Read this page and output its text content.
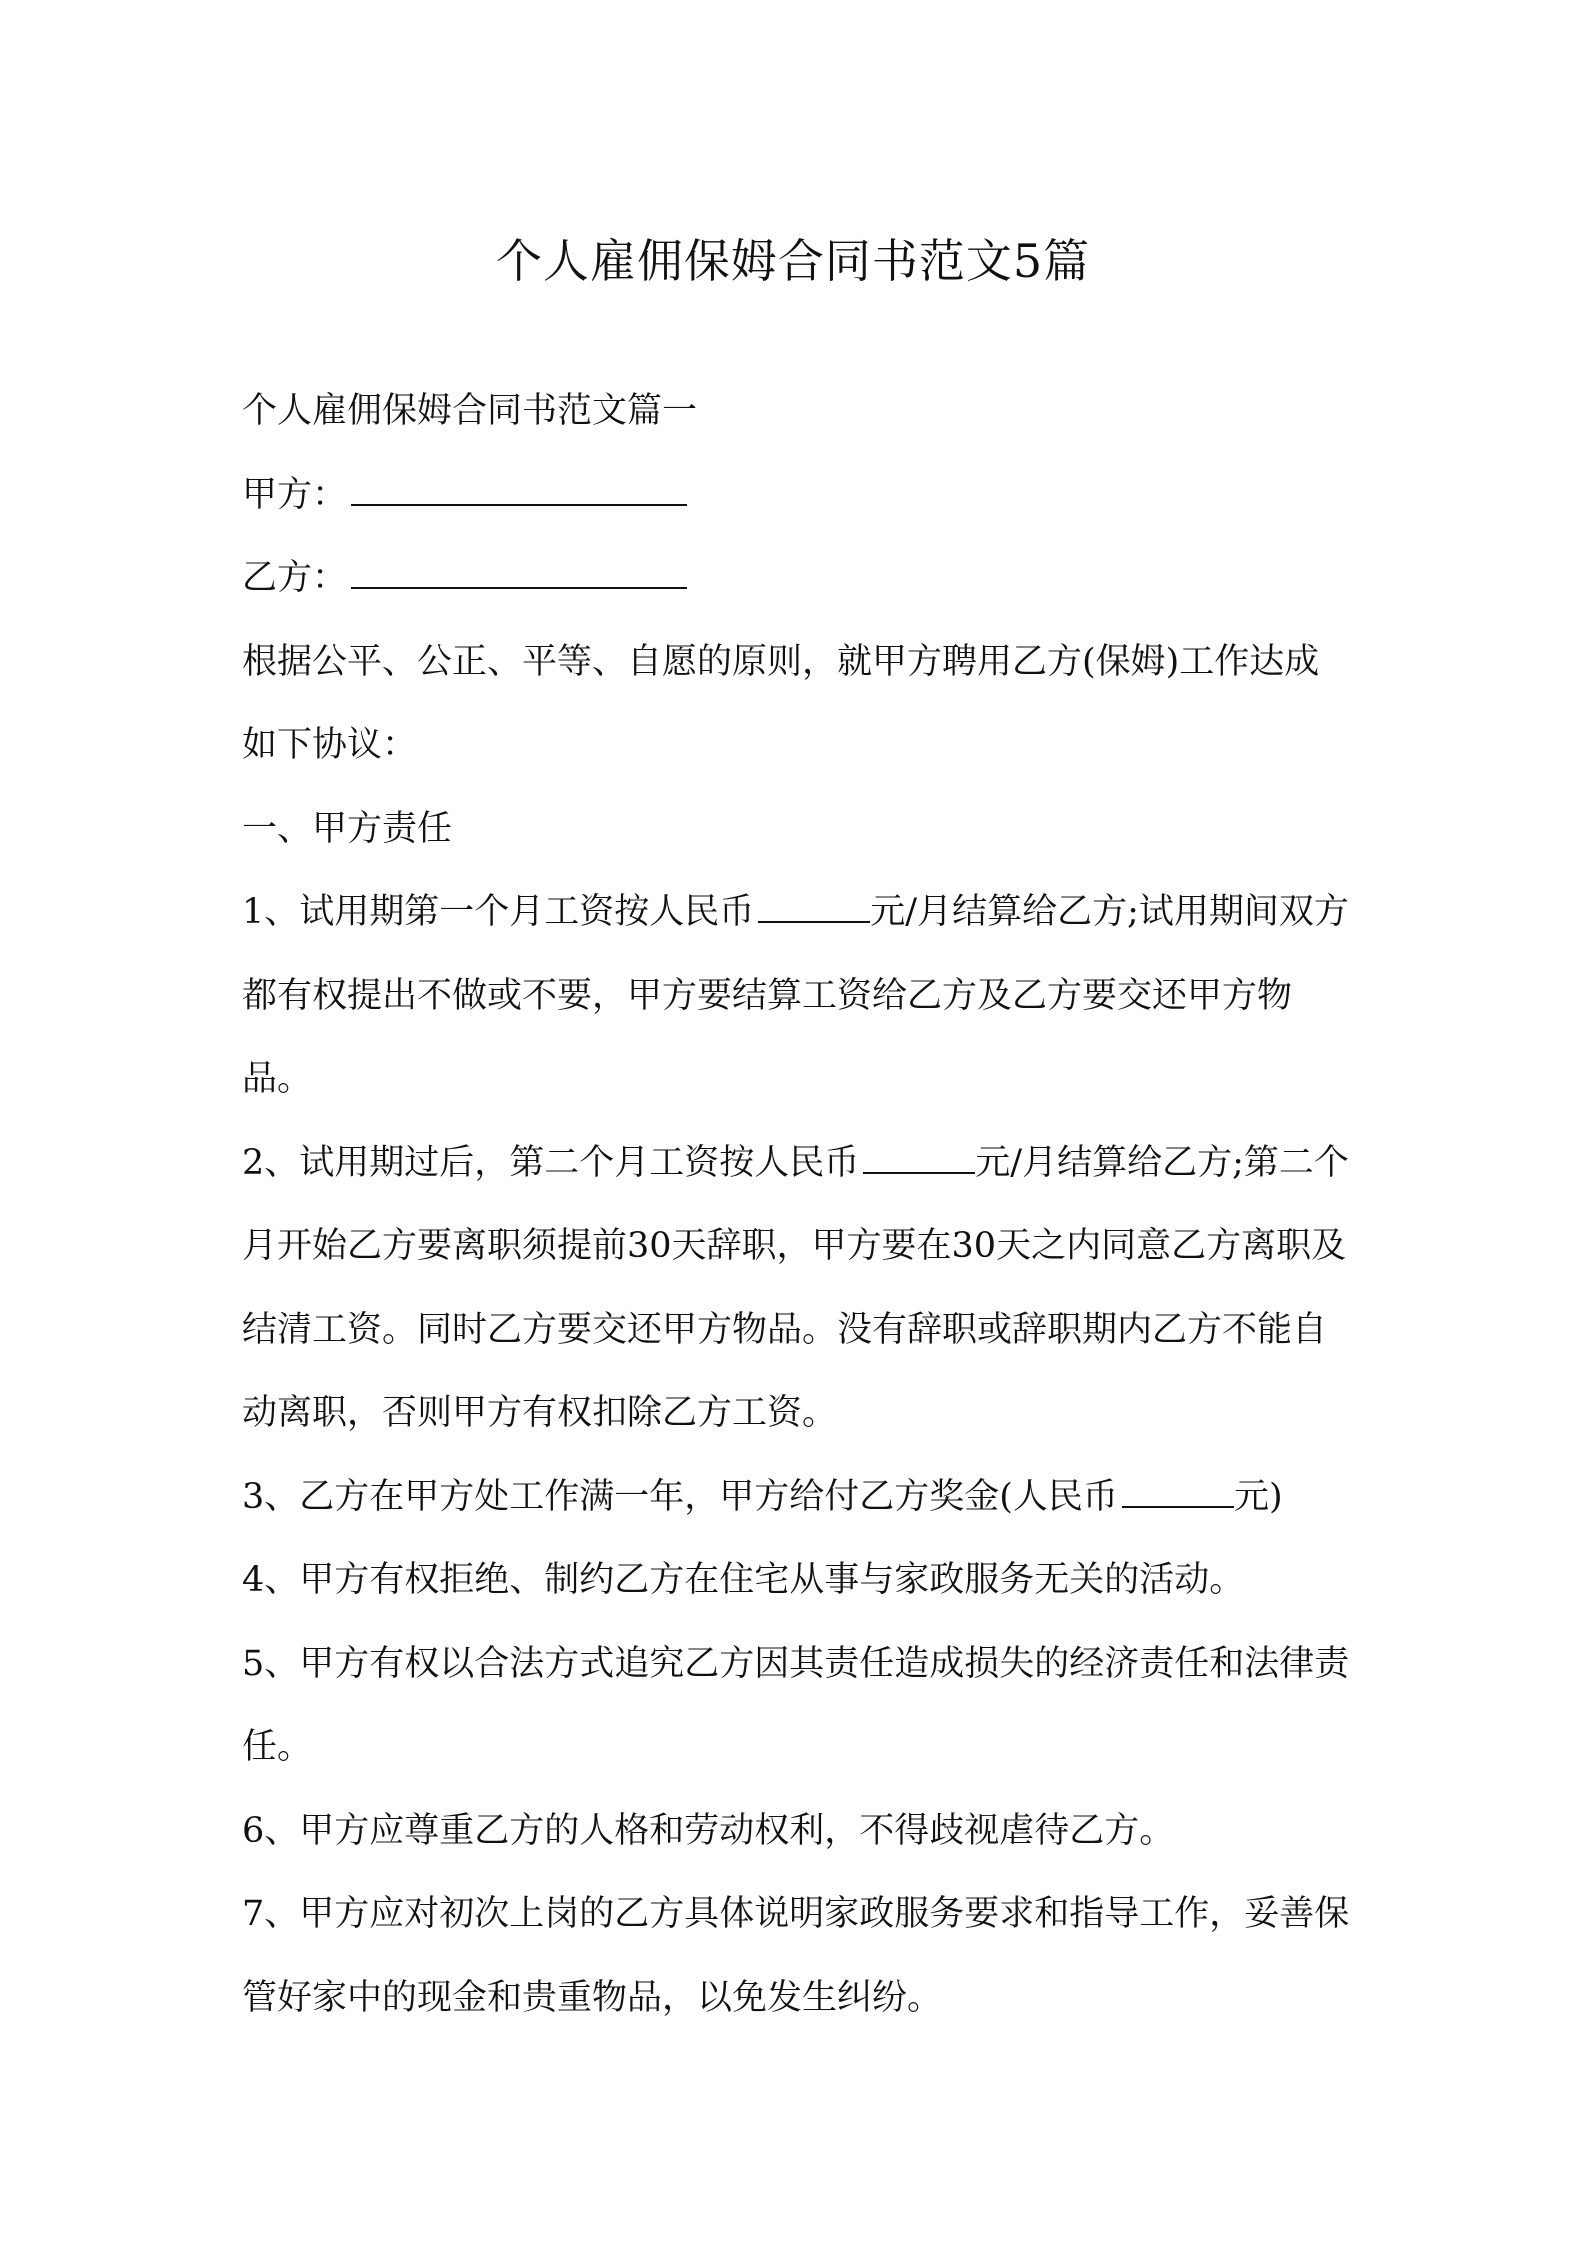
个人雇佣保姆合同书范文5篇

个人雇佣保姆合同书范文篇一

甲方：

乙方：

根据公平、公正、平等、自愿的原则，就甲方聘用乙方(保姆)工作达成如下协议：

一、甲方责任

1、试用期第一个月工资按人民币	元/月结算给乙方;试用期间双方都有权提出不做或不要，甲方要结算工资给乙方及乙方要交还甲方物品。

2、试用期过后，第二个月工资按人民币	元/月结算给乙方;第二个月开始乙方要离职须提前30天辞职，甲方要在30天之内同意乙方离职及结清工资。同时乙方要交还甲方物品。没有辞职或辞职期内乙方不能自动离职，否则甲方有权扣除乙方工资。

3、乙方在甲方处工作满一年，甲方给付乙方奖金(人民币	元)

4、甲方有权拒绝、制约乙方在住宅从事与家政服务无关的活动。

5、甲方有权以合法方式追究乙方因其责任造成损失的经济责任和法律责任。

6、甲方应尊重乙方的人格和劳动权利，不得歧视虐待乙方。

7、甲方应对初次上岗的乙方具体说明家政服务要求和指导工作，妥善保管好家中的现金和贵重物品，以免发生纠纷。
